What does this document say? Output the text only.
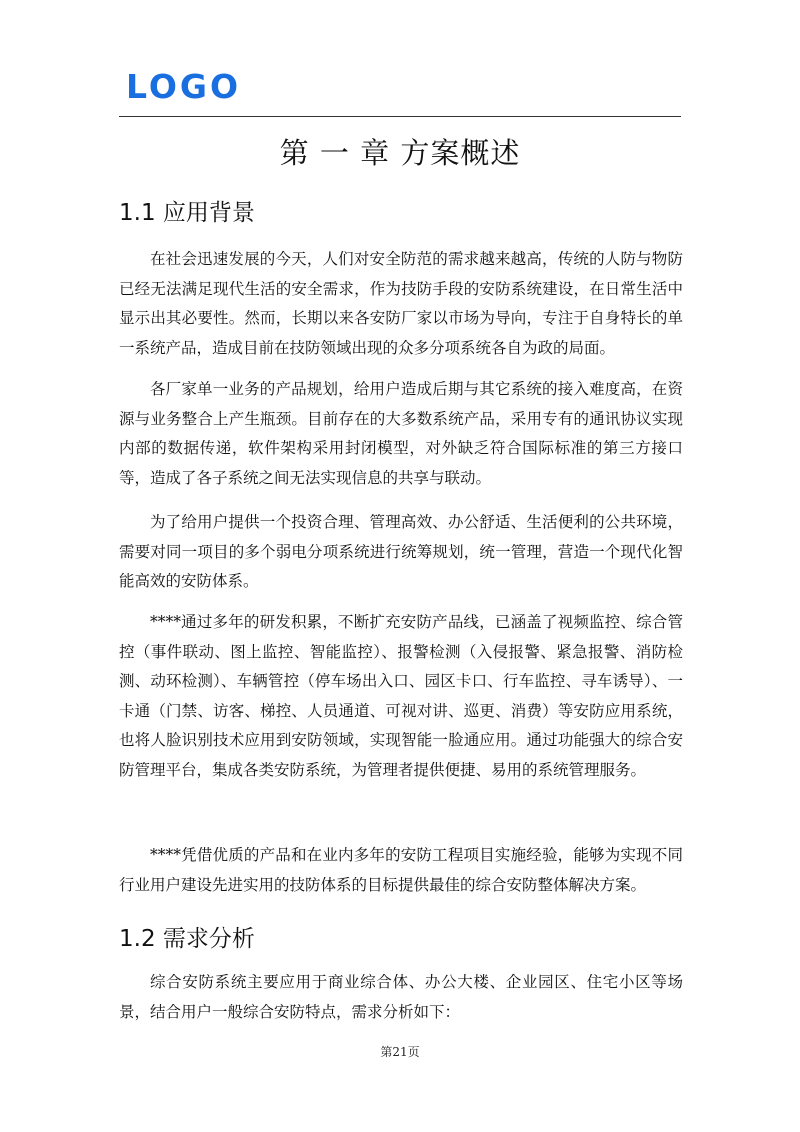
LOGO
第 一 章 方案概述
1.1 应用背景

在社会迅速发展的今天，人们对安全防范的需求越来越高，传统的人防与物防已经无法满足现代生活的安全需求，作为技防手段的安防系统建设，在日常生活中显示出其必要性。然而，长期以来各安防厂家以市场为导向，专注于自身特长的单一系统产品，造成目前在技防领域出现的众多分项系统各自为政的局面。

各厂家单一业务的产品规划，给用户造成后期与其它系统的接入难度高，在资源与业务整合上产生瓶颈。目前存在的大多数系统产品，采用专有的通讯协议实现内部的数据传递，软件架构采用封闭模型，对外缺乏符合国际标准的第三方接口等，造成了各子系统之间无法实现信息的共享与联动。

为了给用户提供一个投资合理、管理高效、办公舒适、生活便利的公共环境，需要对同一项目的多个弱电分项系统进行统筹规划，统一管理，营造一个现代化智能高效的安防体系。

****通过多年的研发积累，不断扩充安防产品线，已涵盖了视频监控、综合管控（事件联动、图上监控、智能监控）、报警检测（入侵报警、紧急报警、消防检测、动环检测）、车辆管控（停车场出入口、园区卡口、行车监控、寻车诱导）、一卡通（门禁、访客、梯控、人员通道、可视对讲、巡更、消费）等安防应用系统，也将人脸识别技术应用到安防领域，实现智能一脸通应用。通过功能强大的综合安防管理平台，集成各类安防系统，为管理者提供便捷、易用的系统管理服务。

****凭借优质的产品和在业内多年的安防工程项目实施经验，能够为实现不同行业用户建设先进实用的技防体系的目标提供最佳的综合安防整体解决方案。

1.2 需求分析

综合安防系统主要应用于商业综合体、办公大楼、企业园区、住宅小区等场景，结合用户一般综合安防特点，需求分析如下：

第21页
